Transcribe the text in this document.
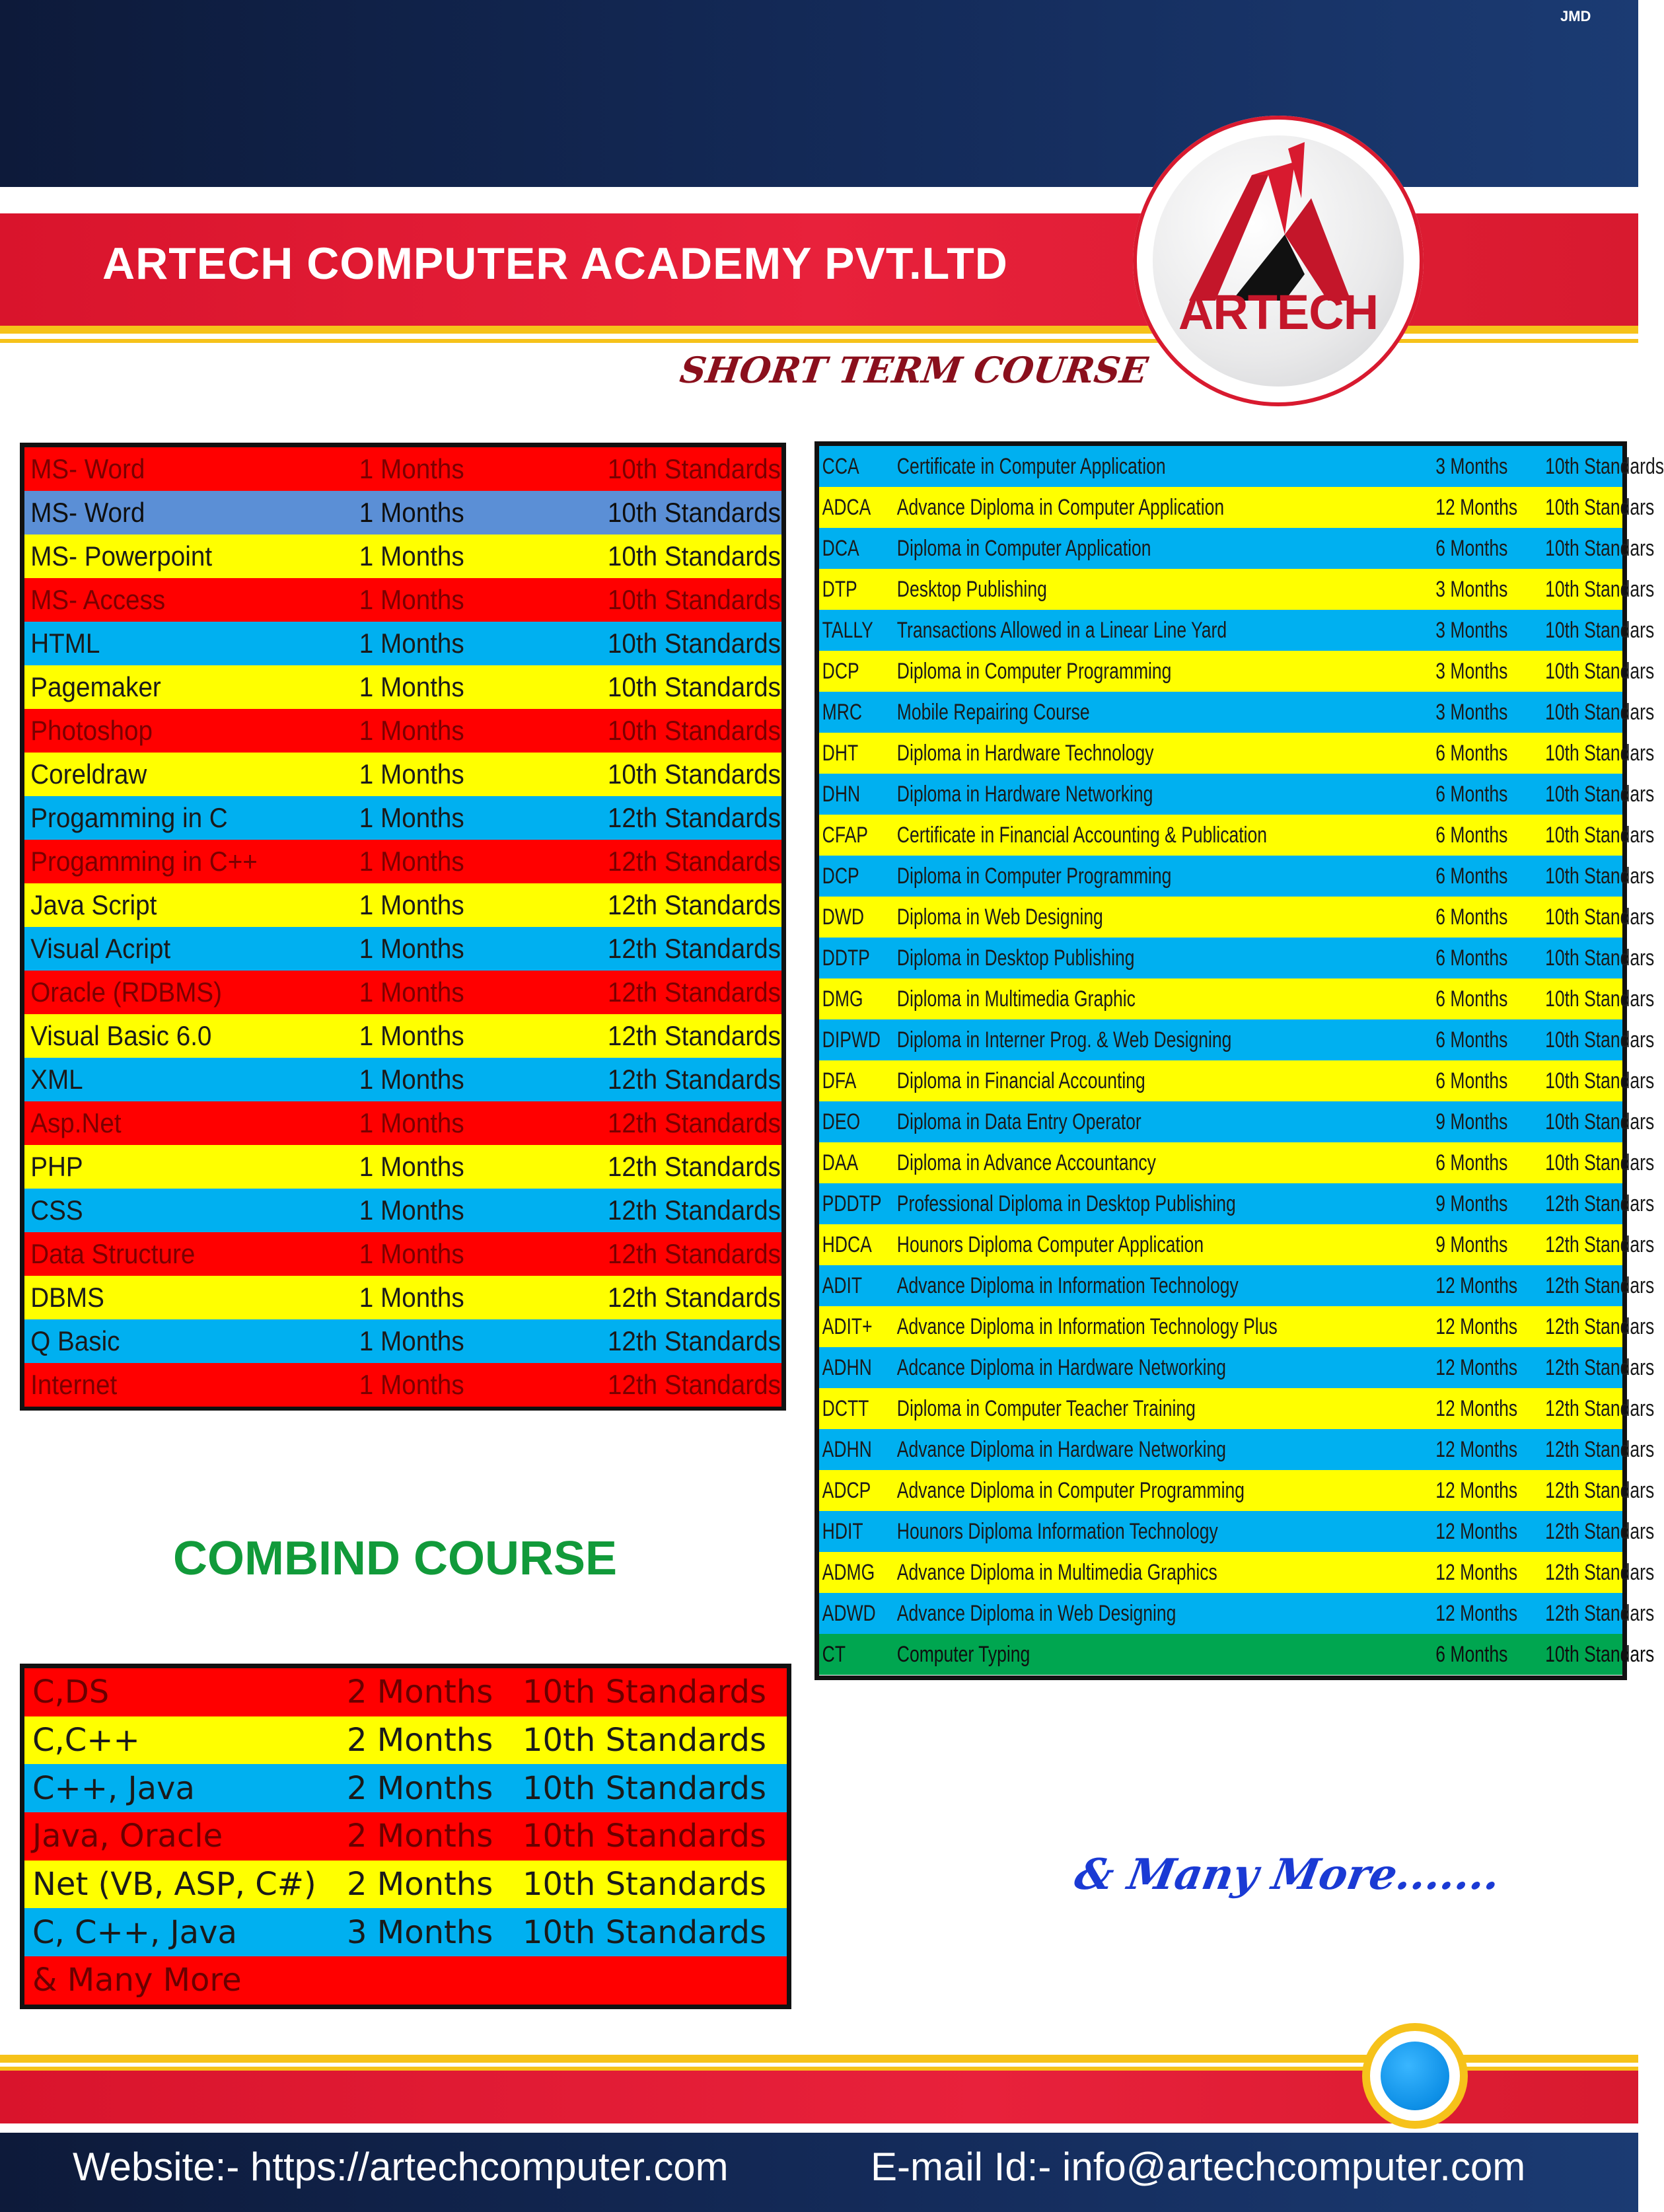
JMD
ARTECH COMPUTER ACADEMY PVT.LTD
ARTECH
SHORT TERM COURSE
MS- Word	1 Months	10th Standards
MS- Word	1 Months	10th Standards
MS- Powerpoint	1 Months	10th Standards
MS- Access	1 Months	10th Standards
HTML	1 Months	10th Standards
Pagemaker	1 Months	10th Standards
Photoshop	1 Months	10th Standards
Coreldraw	1 Months	10th Standards
Progamming in C	1 Months	12th Standards
Progamming in C++	1 Months	12th Standards
Java Script	1 Months	12th Standards
Visual Acript	1 Months	12th Standards
Oracle (RDBMS)	1 Months	12th Standards
Visual Basic 6.0	1 Months	12th Standards
XML	1 Months	12th Standards
Asp.Net	1 Months	12th Standards
PHP	1 Months	12th Standards
CSS	1 Months	12th Standards
Data Structure	1 Months	12th Standards
DBMS	1 Months	12th Standards
Q Basic	1 Months	12th Standards
Internet	1 Months	12th Standards
CCA	Certificate in Computer Application	3 Months	10th Standards
ADCA Advance Diploma in Computer Application	12 Months 10th Standars
DCA	Diploma in Computer Application	6 Months	10th Standars
DTP	Desktop Publishing	3 Months	10th Standars
TALLY Transactions Allowed in a Linear Line Yard	3 Months	10th Standars
DCP	Diploma in Computer Programming	3 Months	10th Standars
MRC	Mobile Repairing Course	3 Months	10th Standars
DHT	Diploma in Hardware Technology	6 Months	10th Standars
DHN	Diploma in Hardware Networking	6 Months	10th Standars
CFAP	Certificate in Financial Accounting & Publication	6 Months	10th Standars
DCP	Diploma in Computer Programming	6 Months	10th Standars
DWD	Diploma in Web Designing	6 Months	10th Standars
DDTP Diploma in Desktop Publishing	6 Months	10th Standars
DMG	Diploma in Multimedia Graphic	6 Months	10th Standars
DIPWD Diploma in Interner Prog. & Web Designing	6 Months	10th Standars
DFA	Diploma in Financial Accounting	6 Months	10th Standars
DEO	Diploma in Data Entry Operator	9 Months	10th Standars
DAA	Diploma in Advance Accountancy	6 Months	10th Standars
PDDTP Professional Diploma in Desktop Publishing	9 Months	12th Standars
HDCA Hounors Diploma Computer Application	9 Months	12th Standars
ADIT	Advance Diploma in Information Technology	12 Months 12th Standars
ADIT+ Advance Diploma in Information Technology Plus	12 Months 12th Standars
ADHN Adcance Diploma in Hardware Networking	12 Months 12th Standars
DCTT Diploma in Computer Teacher Training	12 Months 12th Standars
ADHN Advance Diploma in Hardware Networking	12 Months 12th Standars
ADCP Advance Diploma in Computer Programming	12 Months 12th Standars
HDIT	Hounors Diploma Information Technology	12 Months 12th Standars
ADMG Advance Diploma in Multimedia Graphics	12 Months 12th Standars
ADWD Advance Diploma in Web Designing	12 Months 12th Standars
CT	Computer Typing	6 Months	10th Standars
COMBIND COURSE
C,DS	2 Months 10th Standards
C,C++	2 Months 10th Standards
C++, Java	2 Months 10th Standards
Java, Oracle	2 Months 10th Standards
Net (VB, ASP, C#) 2 Months 10th Standards
C, C++, Java	3 Months 10th Standards
& Many More
& Many More.......
Website:- https://artechcomputer.com	E-mail Id:- info@artechcomputer.com
